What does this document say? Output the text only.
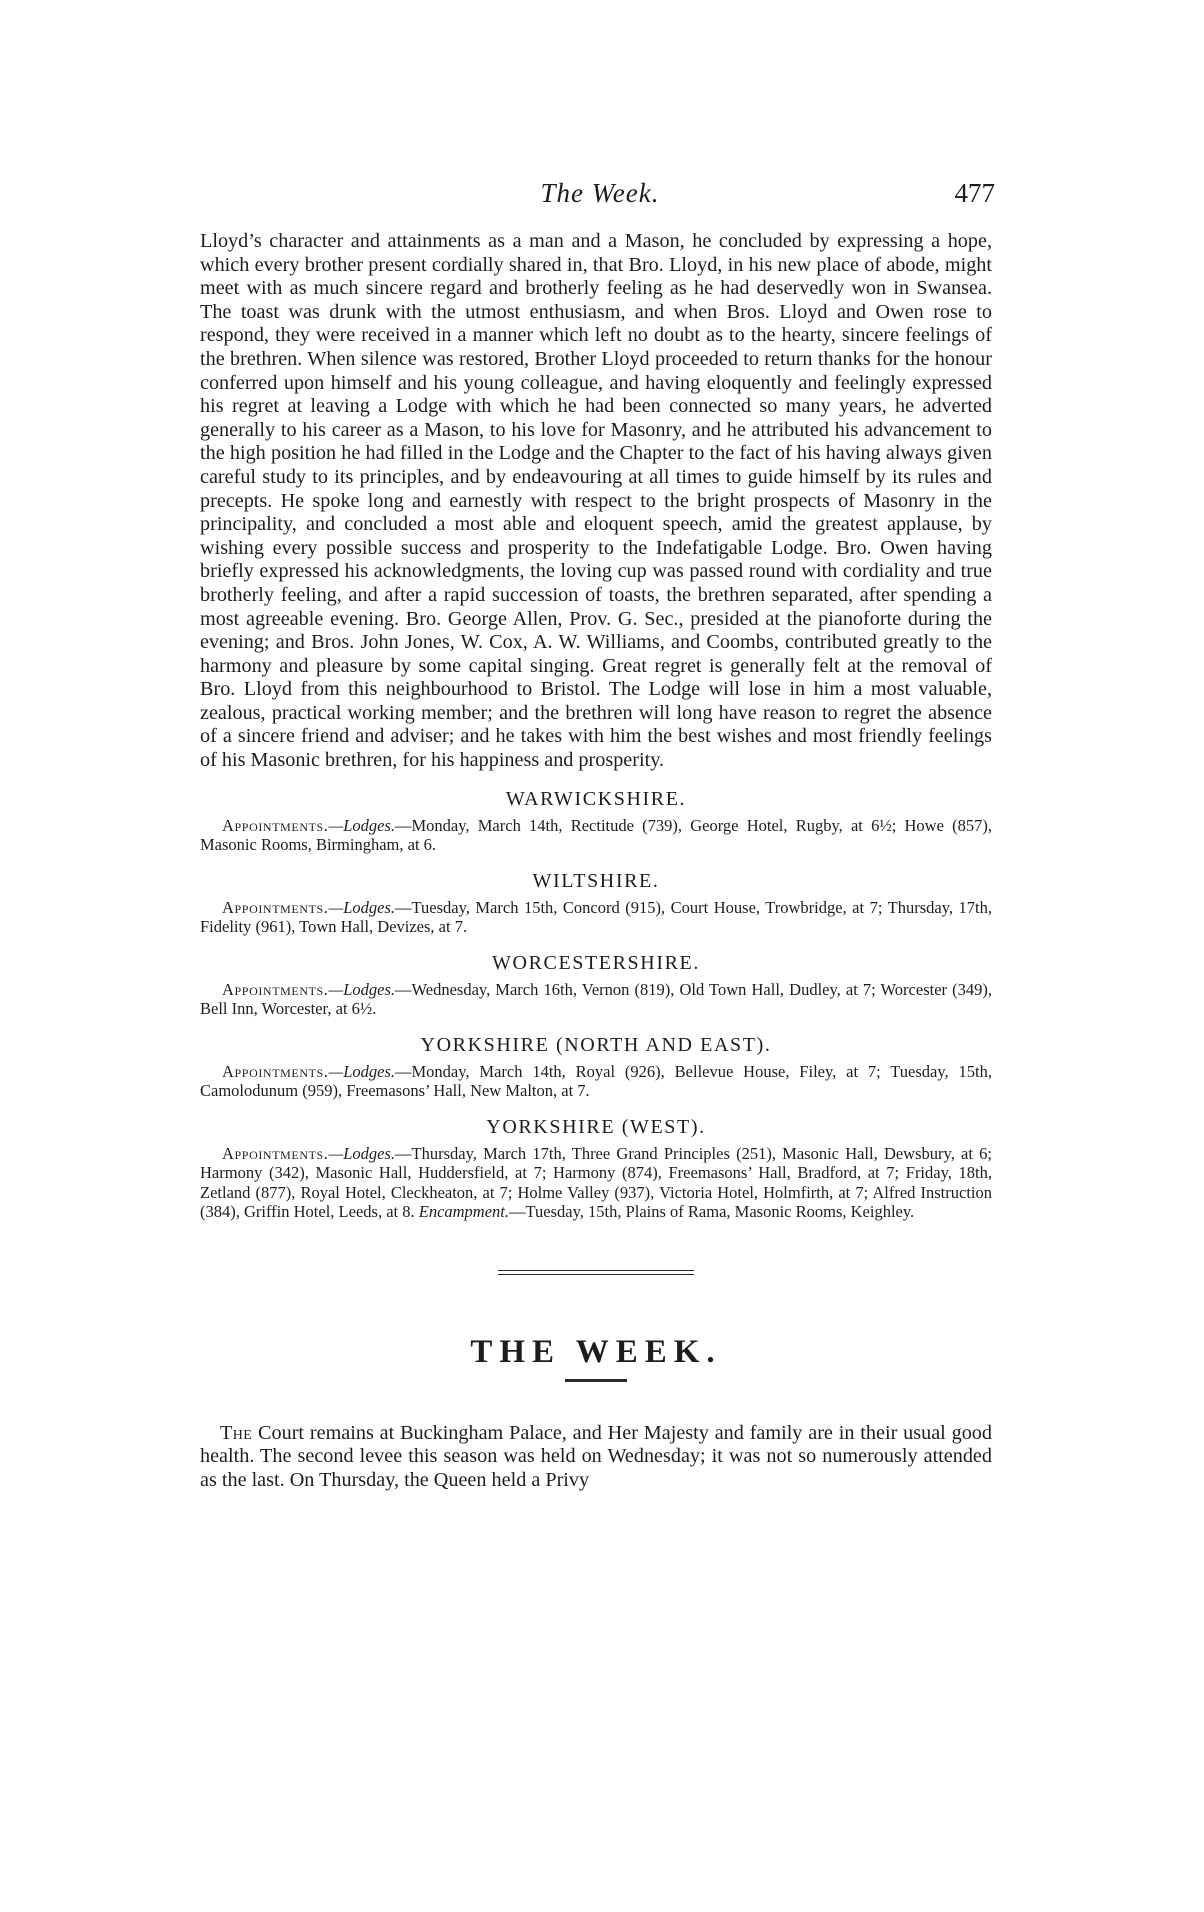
The Week.	477

Lloyd’s character and attainments as a man and a Mason, he concluded by expressing a hope, which every brother present cordially shared in, that Bro. Lloyd, in his new place of abode, might meet with as much sincere regard and brotherly feeling as he had deservedly won in Swansea. The toast was drunk with the utmost enthusiasm, and when Bros. Lloyd and Owen rose to respond, they were received in a manner which left no doubt as to the hearty, sincere feelings of the brethren. When silence was restored, Brother Lloyd proceeded to return thanks for the honour conferred upon himself and his young colleague, and having eloquently and feelingly expressed his regret at leaving a Lodge with which he had been connected so many years, he adverted generally to his career as a Mason, to his love for Masonry, and he attributed his advancement to the high position he had filled in the Lodge and the Chapter to the fact of his having always given careful study to its principles, and by endeavouring at all times to guide himself by its rules and precepts. He spoke long and earnestly with respect to the bright prospects of Masonry in the principality, and concluded a most able and eloquent speech, amid the greatest applause, by wishing every possible success and prosperity to the Indefatigable Lodge. Bro. Owen having briefly expressed his acknowledgments, the loving cup was passed round with cordiality and true brotherly feeling, and after a rapid succession of toasts, the brethren separated, after spending a most agreeable evening. Bro. George Allen, Prov. G. Sec., presided at the pianoforte during the evening; and Bros. John Jones, W. Cox, A. W. Williams, and Coombs, contributed greatly to the harmony and pleasure by some capital singing. Great regret is generally felt at the removal of Bro. Lloyd from this neighbourhood to Bristol. The Lodge will lose in him a most valuable, zealous, practical working member; and the brethren will long have reason to regret the absence of a sincere friend and adviser; and he takes with him the best wishes and most friendly feelings of his Masonic brethren, for his happiness and prosperity.

WARWICKSHIRE.

Appointments.—Lodges.—Monday, March 14th, Rectitude (739), George Hotel, Rugby, at 6½; Howe (857), Masonic Rooms, Birmingham, at 6.

WILTSHIRE.

Appointments.—Lodges.—Tuesday, March 15th, Concord (915), Court House, Trowbridge, at 7; Thursday, 17th, Fidelity (961), Town Hall, Devizes, at 7.

WORCESTERSHIRE.

Appointments.—Lodges.—Wednesday, March 16th, Vernon (819), Old Town Hall, Dudley, at 7; Worcester (349), Bell Inn, Worcester, at 6½.

YORKSHIRE (NORTH AND EAST).

Appointments.—Lodges.—Monday, March 14th, Royal (926), Bellevue House, Filey, at 7; Tuesday, 15th, Camolodunum (959), Freemasons’ Hall, New Malton, at 7.

YORKSHIRE (WEST).

Appointments.—Lodges.—Thursday, March 17th, Three Grand Principles (251), Masonic Hall, Dewsbury, at 6; Harmony (342), Masonic Hall, Huddersfield, at 7; Harmony (874), Freemasons’ Hall, Bradford, at 7; Friday, 18th, Zetland (877), Royal Hotel, Cleckheaton, at 7; Holme Valley (937), Victoria Hotel, Holmfirth, at 7; Alfred Instruction (384), Griffin Hotel, Leeds, at 8. Encampment.—Tuesday, 15th, Plains of Rama, Masonic Rooms, Keighley.

THE WEEK.

The Court remains at Buckingham Palace, and Her Majesty and family are in their usual good health. The second levee this season was held on Wednesday; it was not so numerously attended as the last. On Thursday, the Queen held a Privy
